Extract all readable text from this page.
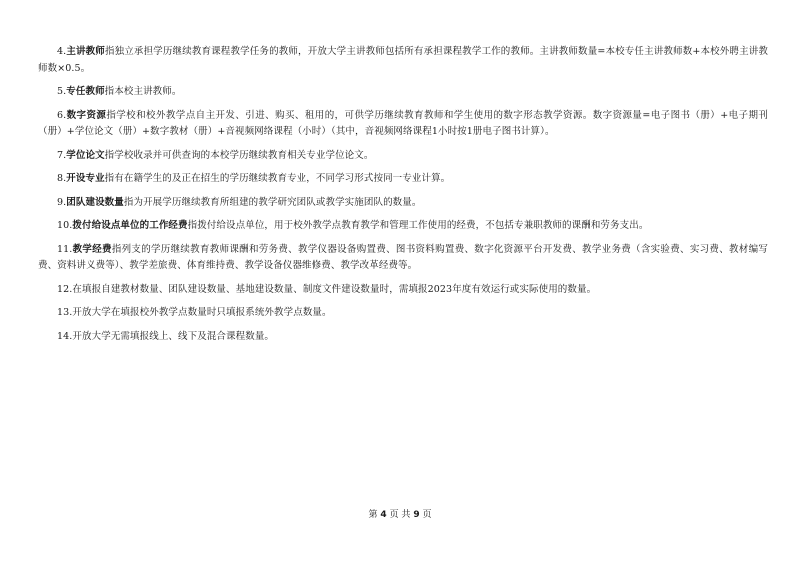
4.主讲教师指独立承担学历继续教育课程教学任务的教师，开放大学主讲教师包括所有承担课程教学工作的教师。主讲教师数量=本校专任主讲教师数+本校外聘主讲教师数×0.5。

5.专任教师指本校主讲教师。

6.数字资源指学校和校外教学点自主开发、引进、购买、租用的，可供学历继续教育教师和学生使用的数字形态教学资源。数字资源量=电子图书（册）+电子期刊（册）+学位论文（册）+数字教材（册）+音视频网络课程（小时）（其中，音视频网络课程1小时按1册电子图书计算）。

7.学位论文指学校收录并可供查询的本校学历继续教育相关专业学位论文。

8.开设专业指有在籍学生的及正在招生的学历继续教育专业，不同学习形式按同一专业计算。

9.团队建设数量指为开展学历继续教育所组建的教学研究团队或教学实施团队的数量。

10.拨付给设点单位的工作经费指拨付给设点单位，用于校外教学点教育教学和管理工作使用的经费，不包括专兼职教师的课酬和劳务支出。

11.教学经费指列支的学历继续教育教师课酬和劳务费、教学仪器设备购置费、图书资料购置费、数字化资源平台开发费、教学业务费（含实验费、实习费、教材编写费、资料讲义费等）、教学差旅费、体育维持费、教学设备仪器维修费、教学改革经费等。

12.在填报自建教材数量、团队建设数量、基地建设数量、制度文件建设数量时，需填报2023年度有效运行或实际使用的数量。

13.开放大学在填报校外教学点数量时只填报系统外教学点数量。

14.开放大学无需填报线上、线下及混合课程数量。

第 4 页 共 9 页
